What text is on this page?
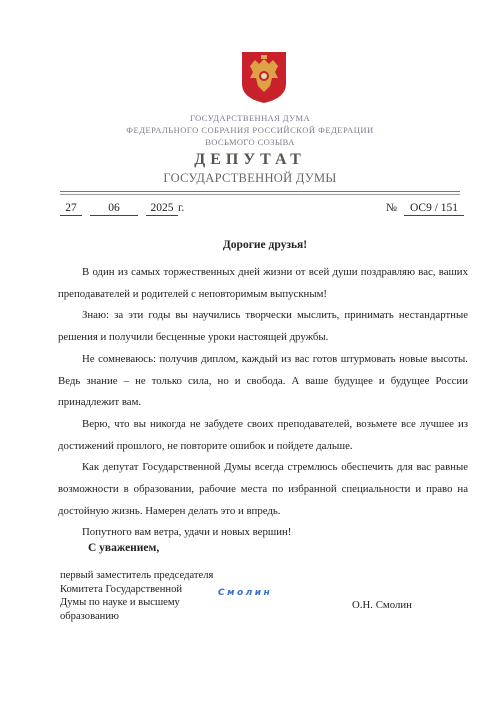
ГОСУДАРСТВЕННАЯ ДУМА
ФЕДЕРАЛЬНОГО СОБРАНИЯ РОССИЙСКОЙ ФЕДЕРАЦИИ
ВОСЬМОГО СОЗЫВА
ДЕПУТАТ
ГОСУДАРСТВЕННОЙ ДУМЫ
27	06	2025 г.	№	ОС9 / 151
Дорогие друзья!

В один из самых торжественных дней жизни от всей души поздравляю вас, ваших преподавателей и родителей с неповторимым выпускным!

Знаю: за эти годы вы научились творчески мыслить, принимать нестандартные решения и получили бесценные уроки настоящей дружбы.

Не сомневаюсь: получив диплом, каждый из вас готов штурмовать новые высоты. Ведь знание – не только сила, но и свобода. А ваше будущее и будущее России принадлежит вам.

Верю, что вы никогда не забудете своих преподавателей, возьмете все лучшее из достижений прошлого, не повторите ошибок и пойдете дальше.

Как депутат Государственной Думы всегда стремлюсь обеспечить для вас равные возможности в образовании, рабочие места по избранной специальности и право на достойную жизнь. Намерен делать это и впредь.

Попутного вам ветра, удачи и новых вершин!

С уважением,
первый заместитель председателя
Комитета Государственной
Думы по науке и высшему
образованию
Смолин
О.Н. Смолин
